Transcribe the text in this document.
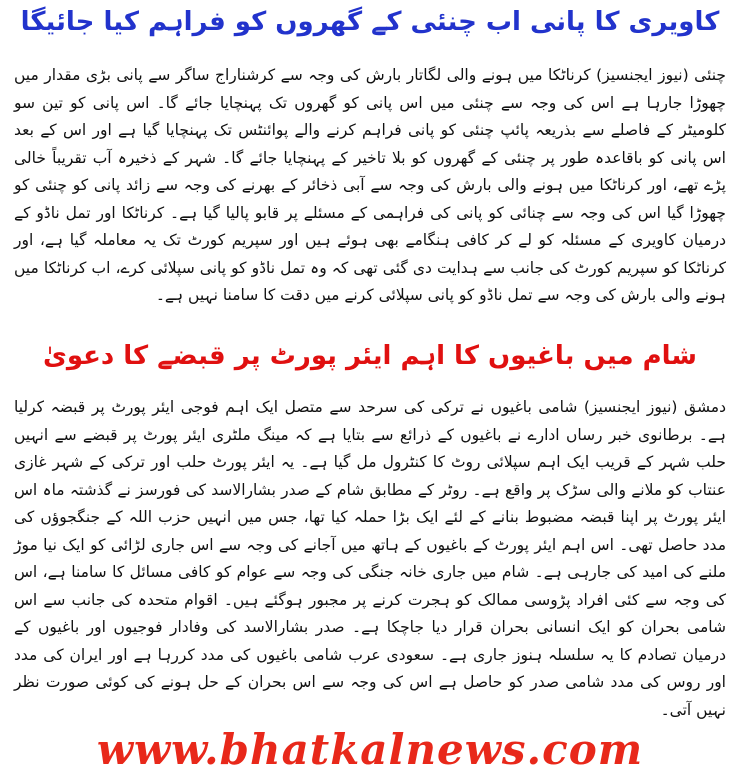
کاویری کا پانی اب چنئی کے گھروں کو فراہم کیا جائیگا

چنئی (نیوز ایجنسیز) کرناٹکا میں ہونے والی لگاتار بارش کی وجہ سے کرشناراج ساگر سے پانی بڑی مقدار میں چھوڑا جارہا ہے اس کی وجہ سے چنئی میں اس پانی کو گھروں تک پہنچایا جائے گا۔ اس پانی کو تین سو کلومیٹر کے فاصلے سے بذریعہ پائپ چنئی کو پانی فراہم کرنے والے پوائنٹس تک پہنچایا گیا ہے اور اس کے بعد اس پانی کو باقاعدہ طور پر چنئی کے گھروں کو بلا تاخیر کے پہنچایا جائے گا۔ شہر کے ذخیرہ آب تقریباً خالی پڑے تھے، اور کرناٹکا میں ہونے والی بارش کی وجہ سے آبی ذخائر کے بھرنے کی وجہ سے زائد پانی کو چنئی کو چھوڑا گیا اس کی وجہ سے چنائی کو پانی کی فراہمی کے مسئلے پر قابو پالیا گیا ہے۔ کرناٹکا اور تمل ناڈو کے درمیان کاویری کے مسئلہ کو لے کر کافی ہنگامے بھی ہوئے ہیں اور سپریم کورٹ تک یہ معاملہ گیا ہے، اور کرناٹکا کو سپریم کورٹ کی جانب سے ہدایت دی گئی تھی کہ وہ تمل ناڈو کو پانی سپلائی کرے، اب کرناٹکا میں ہونے والی بارش کی وجہ سے تمل ناڈو کو پانی سپلائی کرنے میں دقت کا سامنا نہیں ہے۔

شام میں باغیوں کا اہم ایئر پورٹ پر قبضے کا دعویٰ

دمشق (نیوز ایجنسیز) شامی باغیوں نے ترکی کی سرحد سے متصل ایک اہم فوجی ایئر پورٹ پر قبضہ کرلیا ہے۔ برطانوی خبر رساں ادارے نے باغیوں کے ذرائع سے بتایا ہے کہ مینگ ملٹری ایئر پورٹ پر قبضے سے انہیں حلب شہر کے قریب ایک اہم سپلائی روٹ کا کنٹرول مل گیا ہے۔ یہ ایئر پورٹ حلب اور ترکی کے شہر غازی عنتاب کو ملانے والی سڑک پر واقع ہے۔ روٹر کے مطابق شام کے صدر بشارالاسد کی فورسز نے گذشتہ ماہ اس ایئر پورٹ پر اپنا قبضہ مضبوط بنانے کے لئے ایک بڑا حملہ کیا تھا، جس میں انہیں حزب اللہ کے جنگجوؤں کی مدد حاصل تھی۔ اس اہم ایئر پورٹ کے باغیوں کے ہاتھ میں آجانے کی وجہ سے اس جاری لڑائی کو ایک نیا موڑ ملنے کی امید کی جارہی ہے۔ شام میں جاری خانہ جنگی کی وجہ سے عوام کو کافی مسائل کا سامنا ہے، اس کی وجہ سے کئی افراد پڑوسی ممالک کو ہجرت کرنے پر مجبور ہوگئے ہیں۔ اقوام متحدہ کی جانب سے اس شامی بحران کو ایک انسانی بحران قرار دیا جاچکا ہے۔ صدر بشارالاسد کی وفادار فوجیوں اور باغیوں کے درمیان تصادم کا یہ سلسلہ ہنوز جاری ہے۔ سعودی عرب شامی باغیوں کی مدد کررہا ہے اور ایران کی مدد اور روس کی مدد شامی صدر کو حاصل ہے اس کی وجہ سے اس بحران کے حل ہونے کی کوئی صورت نظر نہیں آتی۔

www.bhatkalnews.com
